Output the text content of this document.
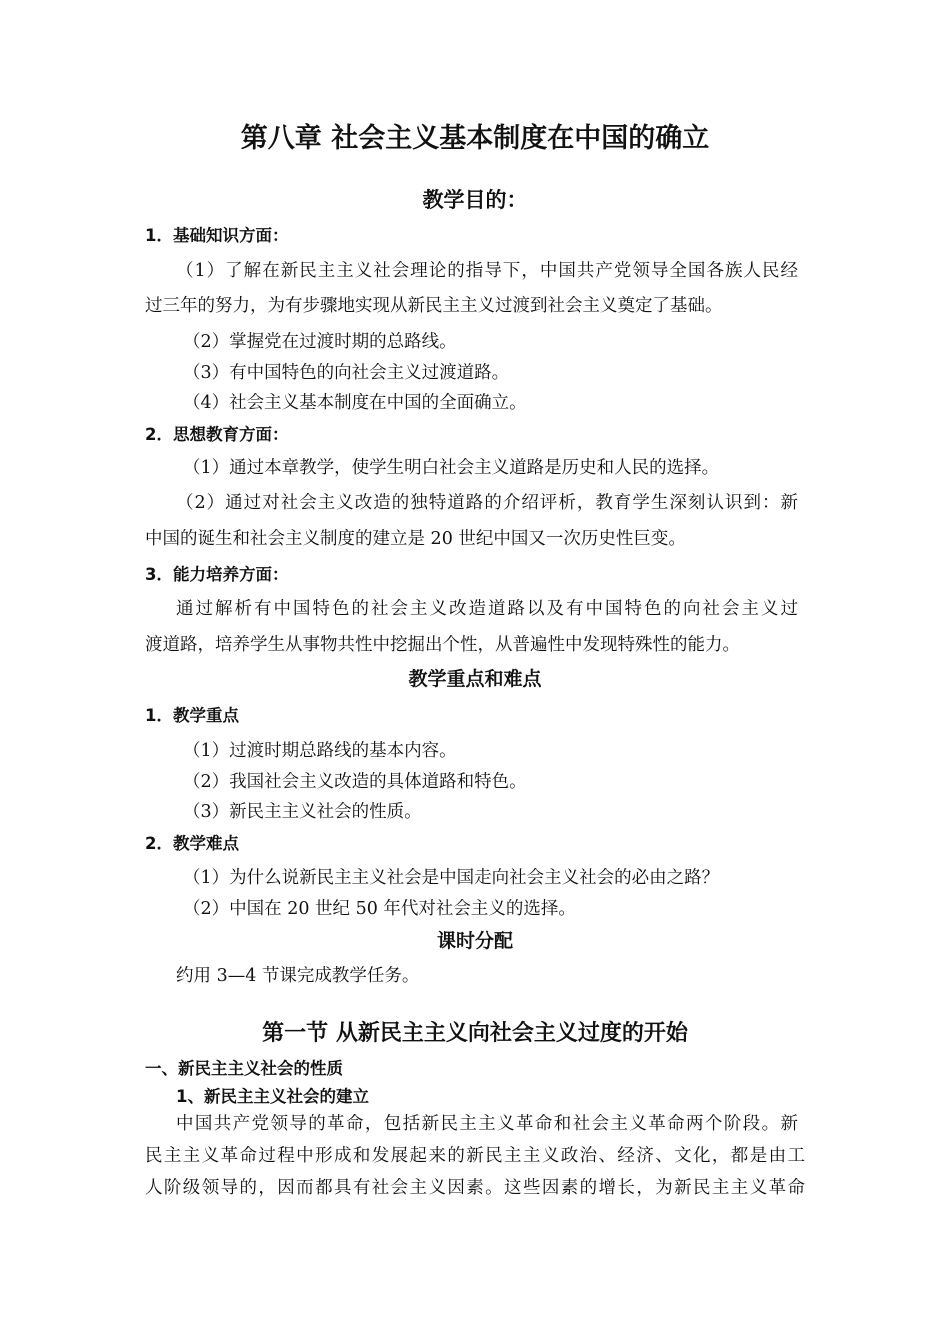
第八章 社会主义基本制度在中国的确立
教学目的：
1．基础知识方面：
（1）了解在新民主主义社会理论的指导下，中国共产党领导全国各族人民经
过三年的努力，为有步骤地实现从新民主主义过渡到社会主义奠定了基础。
（2）掌握党在过渡时期的总路线。
（3）有中国特色的向社会主义过渡道路。
（4）社会主义基本制度在中国的全面确立。
2．思想教育方面：
（1）通过本章教学，使学生明白社会主义道路是历史和人民的选择。
（2）通过对社会主义改造的独特道路的介绍评析，教育学生深刻认识到：新
中国的诞生和社会主义制度的建立是 20 世纪中国又一次历史性巨变。
3．能力培养方面：
通过解析有中国特色的社会主义改造道路以及有中国特色的向社会主义过
渡道路，培养学生从事物共性中挖掘出个性，从普遍性中发现特殊性的能力。
教学重点和难点
1．教学重点
（1）过渡时期总路线的基本内容。
（2）我国社会主义改造的具体道路和特色。
（3）新民主主义社会的性质。
2．教学难点
（1）为什么说新民主主义社会是中国走向社会主义社会的必由之路？
（2）中国在 20 世纪 50 年代对社会主义的选择。
课时分配
约用 3—4 节课完成教学任务。
第一节 从新民主主义向社会主义过度的开始
一、新民主主义社会的性质
1、新民主主义社会的建立
中国共产党领导的革命，包括新民主主义革命和社会主义革命两个阶段。新
民主主义革命过程中形成和发展起来的新民主主义政治、经济、文化，都是由工
人阶级领导的，因而都具有社会主义因素。这些因素的增长，为新民主主义革命
